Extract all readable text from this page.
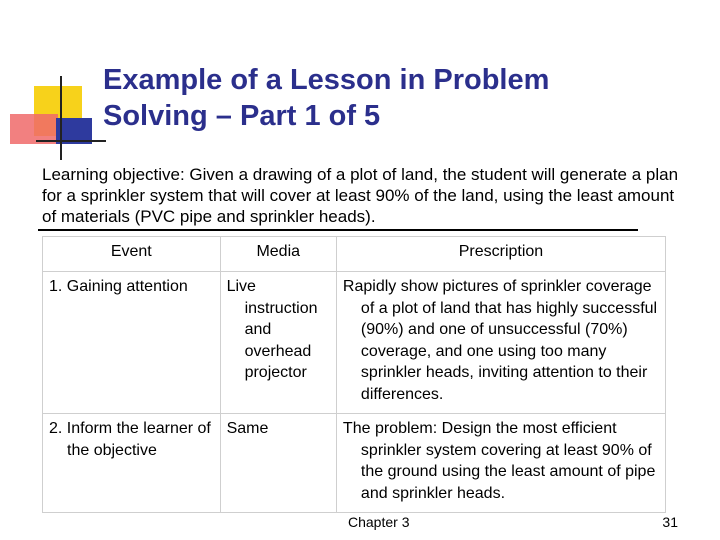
Example of a Lesson in Problem
Solving – Part 1 of 5

Learning objective: Given a drawing of a plot of land, the student will generate a plan for a sprinkler system that will cover at least 90% of the land, using the least amount of materials (PVC pipe and sprinkler heads).

Event	Media	Prescription
1. Gaining attention	Live instruction and overhead projector	Rapidly show pictures of sprinkler coverage of a plot of land that has highly successful (90%) and one of unsuccessful (70%) coverage, and one using too many sprinkler heads, inviting attention to their differences.
2. Inform the learner of the objective	Same	The problem: Design the most efficient sprinkler system covering at least 90% of the ground using the least amount of pipe and sprinkler heads.
Chapter 3	31
